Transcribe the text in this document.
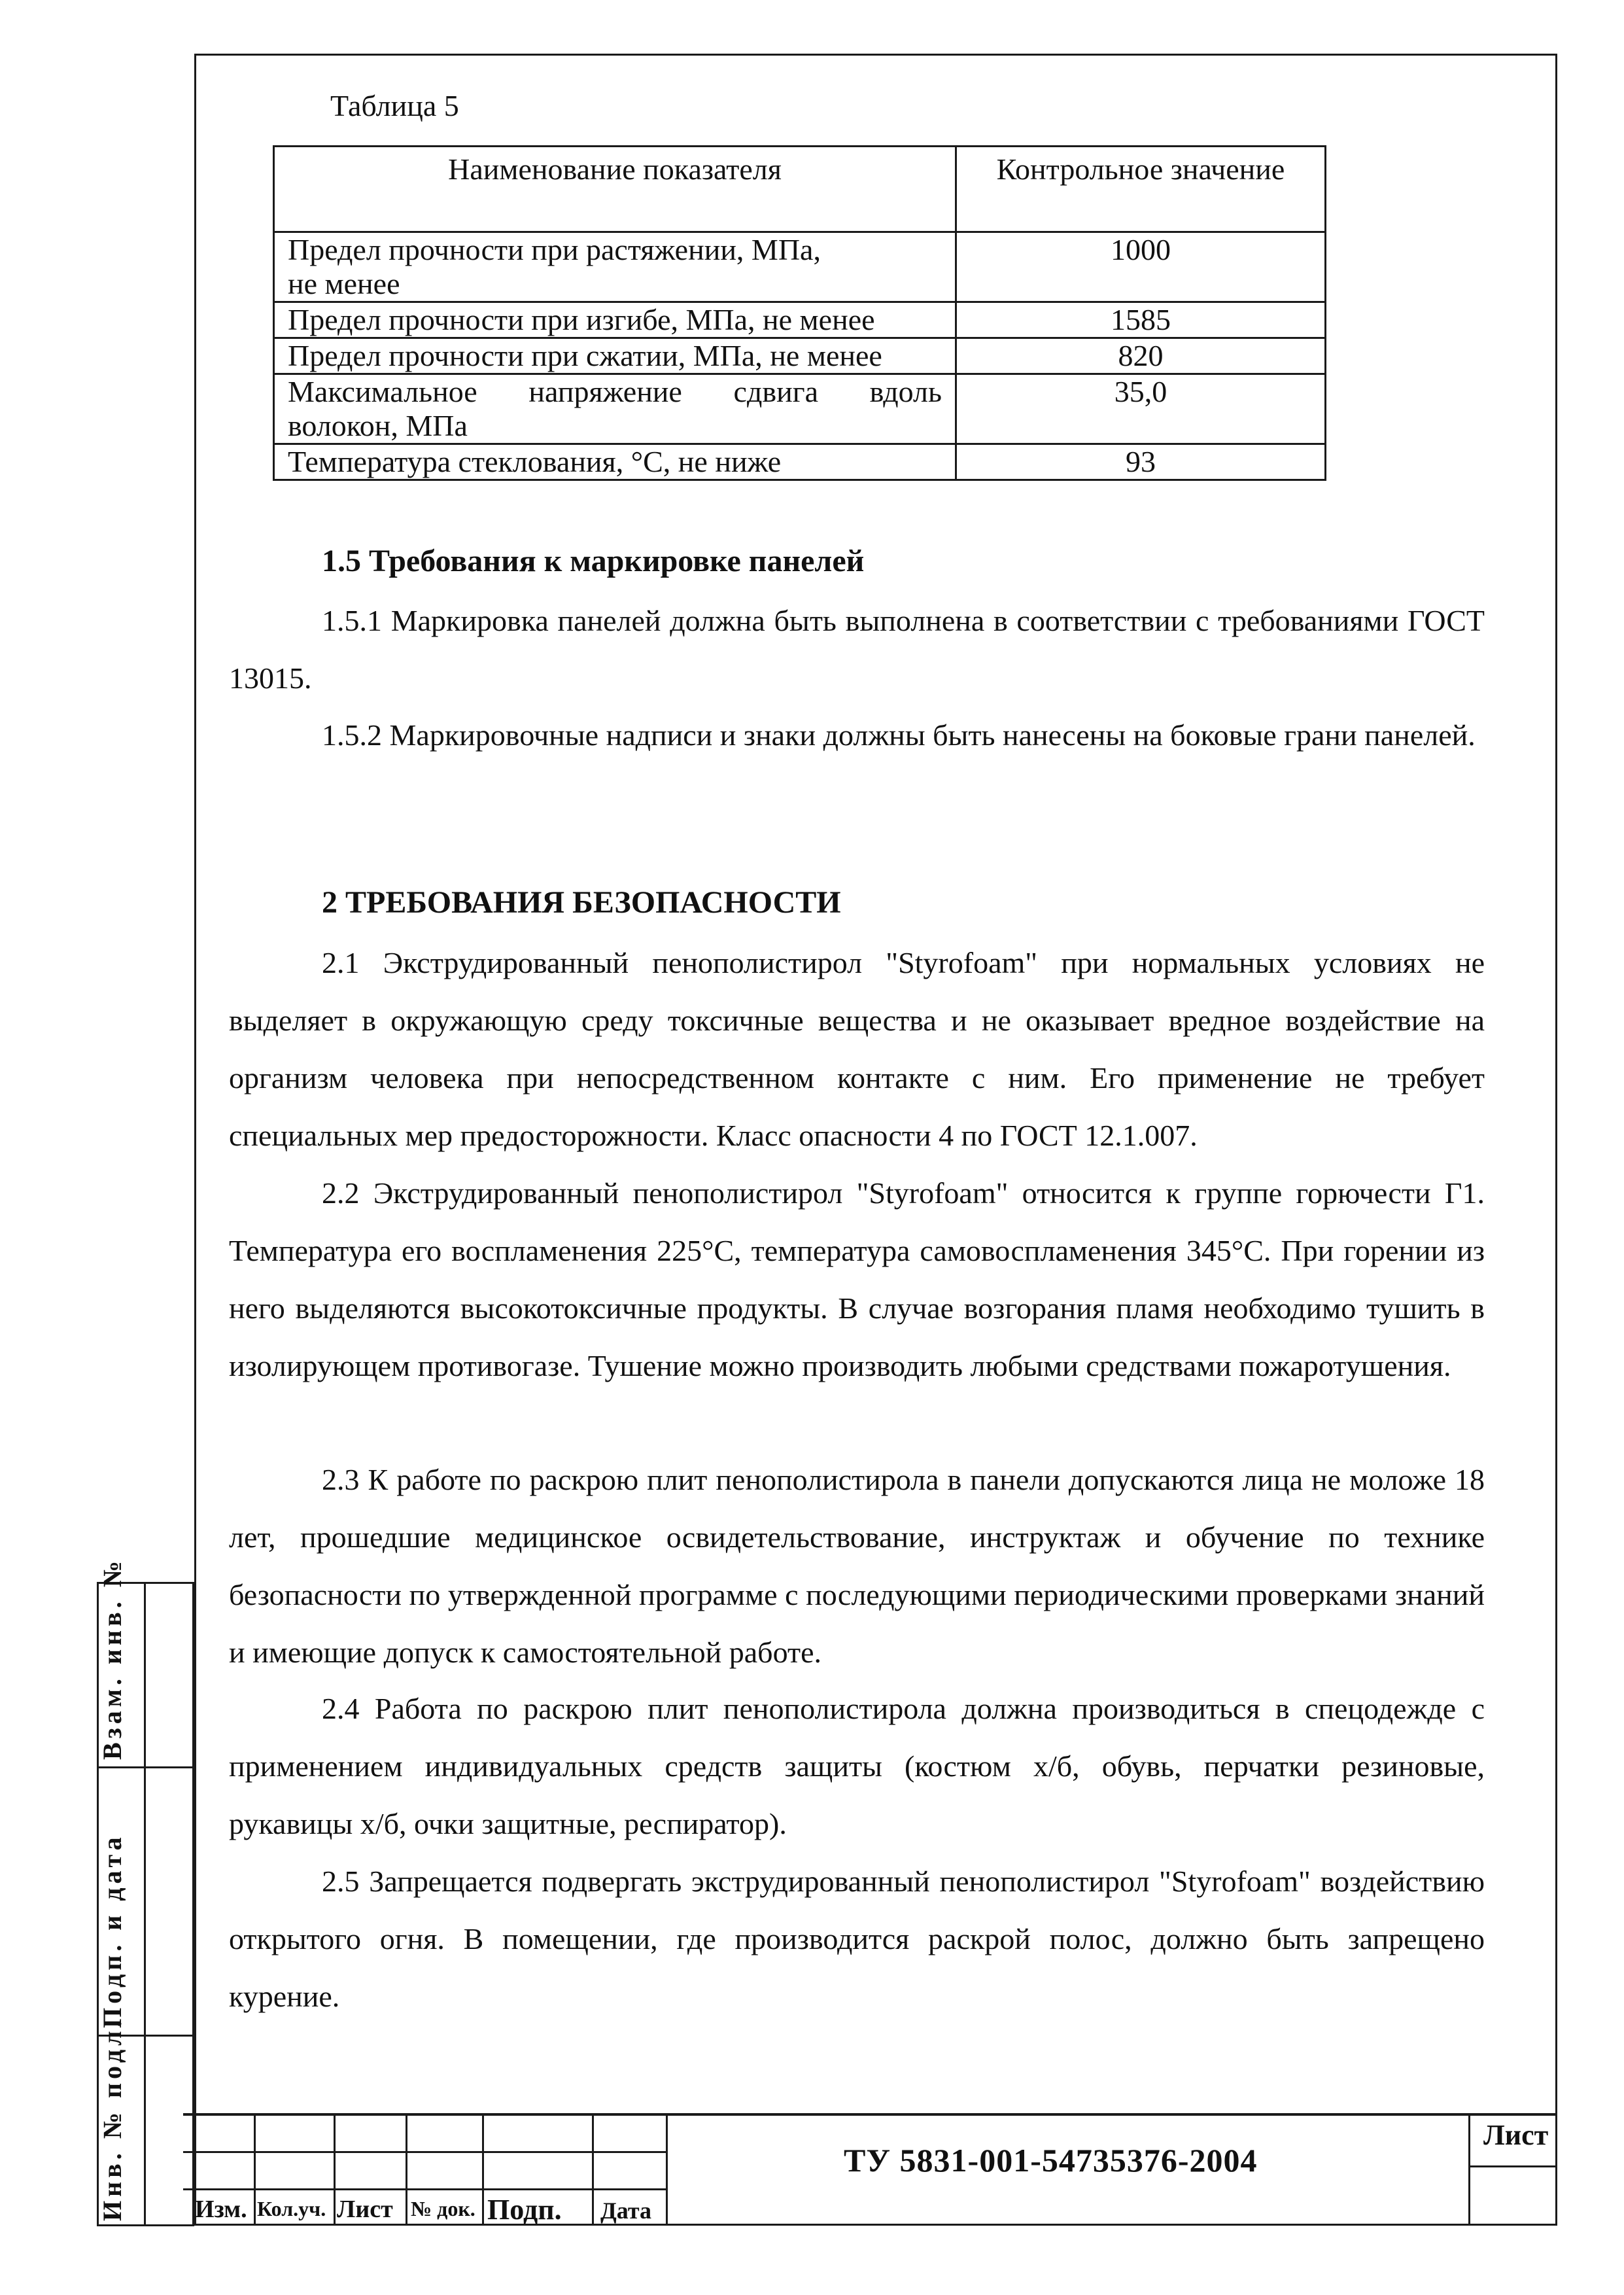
Таблица 5
Наименование показателя	Контрольное значение

Предел прочности при растяжении, МПа,
не менее	1000
Предел прочности при изгибе, МПа, не менее	1585
Предел прочности при сжатии, МПа, не менее	820

Максимальное напряжение сдвига вдоль
волокон, МПа	35,0
Температура стеклования, °С, не ниже	93
1.5 Требования к маркировке панелей

1.5.1 Маркировка панелей должна быть выполнена в соответствии с требованиями ГОСТ 13015.

1.5.2 Маркировочные надписи и знаки должны быть нанесены на боковые грани панелей.

2 ТРЕБОВАНИЯ БЕЗОПАСНОСТИ

2.1 Экструдированный пенополистирол "Styrofoam" при нормальных условиях не выделяет в окружающую среду токсичные вещества и не оказывает вредное воздействие на организм человека при непосредственном контакте с ним. Его применение не требует специальных мер предосторожности. Класс опасности 4 по ГОСТ 12.1.007.

2.2 Экструдированный пенополистирол "Styrofoam" относится к группе горючести Г1. Температура его воспламенения 225°С, температура самовоспламенения 345°С. При горении из него выделяются высокотоксичные продукты. В случае возгорания пламя необходимо тушить в изолирующем противогазе. Тушение можно производить любыми средствами пожаротушения.

2.3 К работе по раскрою плит пенополистирола в панели допускаются лица не моложе 18 лет, прошедшие медицинское освидетельствование, инструктаж и обучение по технике безопасности по утвержденной программе с последующими периодическими проверками знаний и имеющие допуск к самостоятельной работе.

2.4 Работа по раскрою плит пенополистирола должна производиться в спецодежде с применением индивидуальных средств защиты (костюм х/б, обувь, перчатки резиновые, рукавицы х/б, очки защитные, респиратор).

2.5 Запрещается подвергать экструдированный пенополистирол "Styrofoam" воздействию открытого огня. В помещении, где производится раскрой полос, должно быть запрещено курение.

Взам. инв. №
Подп. и дата
Инв. № подл.	Изм. Кол.уч. Лист № док. Подп. Дата
ТУ 5831-001-54735376-2004
Лист
